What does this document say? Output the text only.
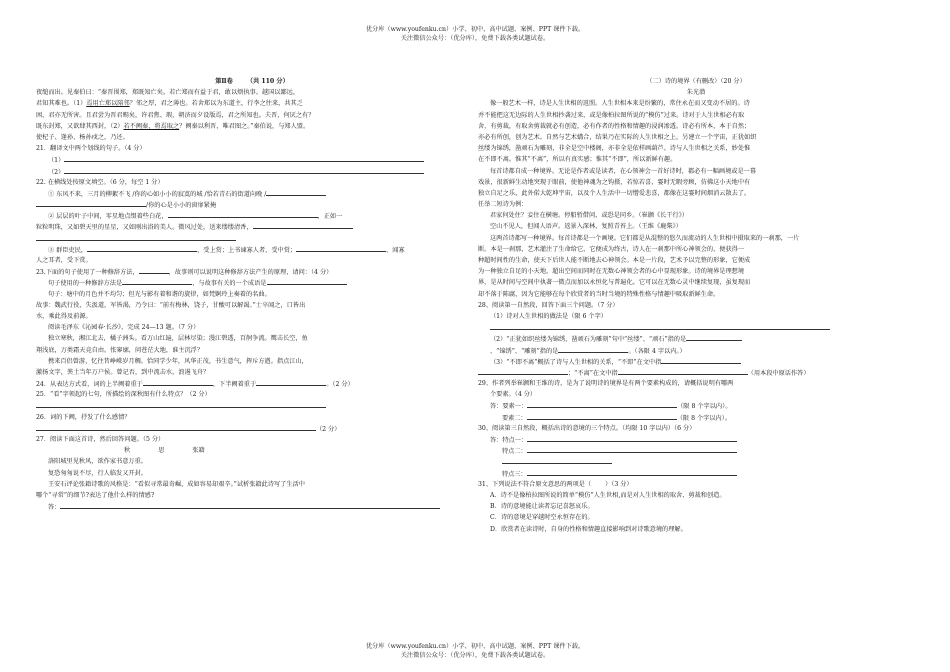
优分库（www.youfenku.cn）小学、初中、高中试题、案例、PPT 课件下载。
关注微信公众号：（优分库），免费下载各类试题试卷。
第Ⅱ卷 （共 110 分）
夜缒而出。见秦伯曰：“秦晋围郑，郑既知亡矣。若亡郑而有益于君，敢以烦执事。越国以鄙远，
君知其难也。（1）焉用亡郑以陪邻？邻之厚，君之薄也。若舍郑以为东道主，行李之往来，共其乏
困，君亦无所害。且君尝为晋君赐矣，许君焦、瑕，朝济而夕设版焉，君之所知也。夫晋，何厌之有？
既东封郑，又欲肆其西封，（2）若不阙秦，将焉取之？阙秦以利晋，唯君图之。”秦伯说，与郑人盟。
使杞子、逢孙、杨孙戍之，乃还。
21．翻译文中两个划线的句子。（4 分）
（1）
（2）
22. 在横线处按原文填空。（6 分，每空 1 分）
① 东风不来，三月的柳絮不飞 /你的心如小小的寂寞的城 /恰若青石的街道向晚 /
/你的心是小小的窗扉紧掩
② 层层的叶子中间，零星地点缀着些白花，	，正如一
粒粒明珠，又如碧天里的星星，又如刚出浴的美人。微风过处，送来缕缕清香，
③ 群臣吏民，	，受上赏；上书谏寡人者，受中赏；	，闻寡
人之耳者，受下赏。
23.下面的句子使用了一种修辞方法，	，故事则可以说明这种修辞方法产生的原理，请问：（4 分）
句子使用的一种修辞方法是	，与故事有关的一个成语是
句子：塘中的月色并不均匀；但光与影有着和谐的旋律，如梵婀玲上奏着的名曲。
故事：魏武行役，失汲道，军皆渴，乃令曰：“前有梅林，饶子，甘酸可以解渴。”士卒闻之，口皆出
水，乘此得及前源。
阅读毛泽东《沁园春·长沙》，完成 24—13 题。（7 分）
独立寒秋，湘江北去，橘子洲头。看万山红遍，层林尽染；漫江碧透，百舸争流。鹰击长空，鱼
翔浅底，万类霜天竞自由。怅寥廓，问苍茫大地，谁主沉浮？
携来百侣曾游，忆往昔峥嵘岁月稠。恰同学少年，风华正茂，书生意气，挥斥方遒。指点江山，
激扬文字，粪土当年万户侯。曾记否，到中流击水，浪遏飞舟？
24．从表达方式看，词的上半阙着重于	，下半阙着重于	。（2 分）
25．“看”字领起的七句，所描绘的深秋图有什么特点？（2 分）
26．词的下阙，抒发了什么感情？
（2 分）
27．阅读下面这首诗，然后回答问题。（5 分）
秋	思	张籍
洛阳城里见秋风，欲作家书意万重。
复恐匆匆说不尽，行人临发又开封。
王安石评论张籍诗歌的风格是：“看似寻常最奇崛，成如容易却艰辛。”试析张籍此诗写了生活中
哪个“寻常”的细节?表达了他什么样的情感?
答：
（二）诗的境界（有删改）（20 分）
朱光潜
像一般艺术一样，诗是人生世相的返照。人生世相本来是纷繁的，常住永在而又变动不居的。诗
并不能把这无边际的人生世相抄袭过来，或是像柏拉图所说的“模仿”过来。诗对于人生世相必有取
舍，有剪裁，有取舍剪裁就必有创造，必有作者的性格和情趣的浸润渗透。诗必有所本，本于自然；
亦必有所创，创为艺术。自然与艺术媾合，结果乃在实际的人生世相之上，另建立一个宇宙，正犹如织
丝缕为锦绣，凿顽石为雕刻，非全是空中楼阁，亦非全是依样画葫芦。诗与人生世相之关系，妙处惟
在不即不离。惟其“不离”，所以有真实感；惟其“不即”，所以新鲜有趣。
每首诗都自成一种境界。无论是作者或是读者，在心领神会一首好诗时，都必有一幅画境或是一幕
戏景，很新鲜生动地突现于眼前，使他神魂为之钩摄，若惊若喜，霎时无暇旁顾，仿佛这小天地中有
独立自足之乐，此外偌大乾坤宇宙，以及个人生活中一切憎爱悲喜，都像在这霎时间烟消云散去了。
任举二短诗为例：
君家何处住？妾住在横塘。停船暂借问，或恐是同乡。（崔颢《长干行》）
空山不见人，但闻人语声。返景入深林，复照青苔上。（王维《鹿柴》）
这两首诗都写一种境界。每首诗都是一个画境。它们都是从混整的悠久而流动的人生世相中摄取来的一刹那，一片
断。本是一刹那，艺术灌注了生命给它，它便成为终古，诗人在一刹那中所心神领会的，便获得一
种超时间性的生命，使天下后世人能不断地去心神领会。本是一片段，艺术予以完整的形象，它便成
为一种独立自足的小天地，超出空间而同时在无数心神领会者的心中显现形象。诗的境界是理想境
界，是从时间与空间中执著一微点而加以永恒化与普遍化。它可以在无数心灵中继续复现，虽复现而
却不落于陈腐，因为它能够在每个欣赏者的当时当境的特殊性格与情趣中吸取新鲜生命。
28、阅读第一自然段，回答下面三个问题。（7 分）
（1）诗对人生世相的做法是（限 6 个字）
（2）“正犹如织丝缕为锦绣，凿顽石为雕刻”句中“丝缕”、“顽石”指的是
、“锦绣”、“雕刻”指的是	。（各限 4 字以内。）
（3）“不即不离”概括了诗与人生世相的关系，“不即”在文中指
；“不离”在文中指	（用本段中原话作答）
29、作者列举崔颢和王维的诗，是为了说明诗的境界是有两个要素构成的，请概括说明有哪两
个要素。（4 分）
答：要素一：	（限 8 个字以内）。
要素二：	（限 8 个字以内）。
30、阅读第三自然段，概括出诗的意境的三个特点。（均限 10 字以内）（6 分）
答：特点一：
特点二：
特点三：
31、下列说法不符合原文意思的两项是（ ）（3 分）
A．诗不是像柏拉图所说的简单“模仿”人生世相,而是对人生世相的取舍、剪裁和创造。
B．诗的意境能让读者忘记喜怒哀乐。
C．诗的意境是穿越时空永恒存在的。
D．欣赏者在读诗时，自身的性格和情趣直接影响到对诗歌意境的理解。
优分库（www.youfenku.cn）小学、初中、高中试题、案例、PPT 课件下载。
关注微信公众号：（优分库），免费下载各类试题试卷。
